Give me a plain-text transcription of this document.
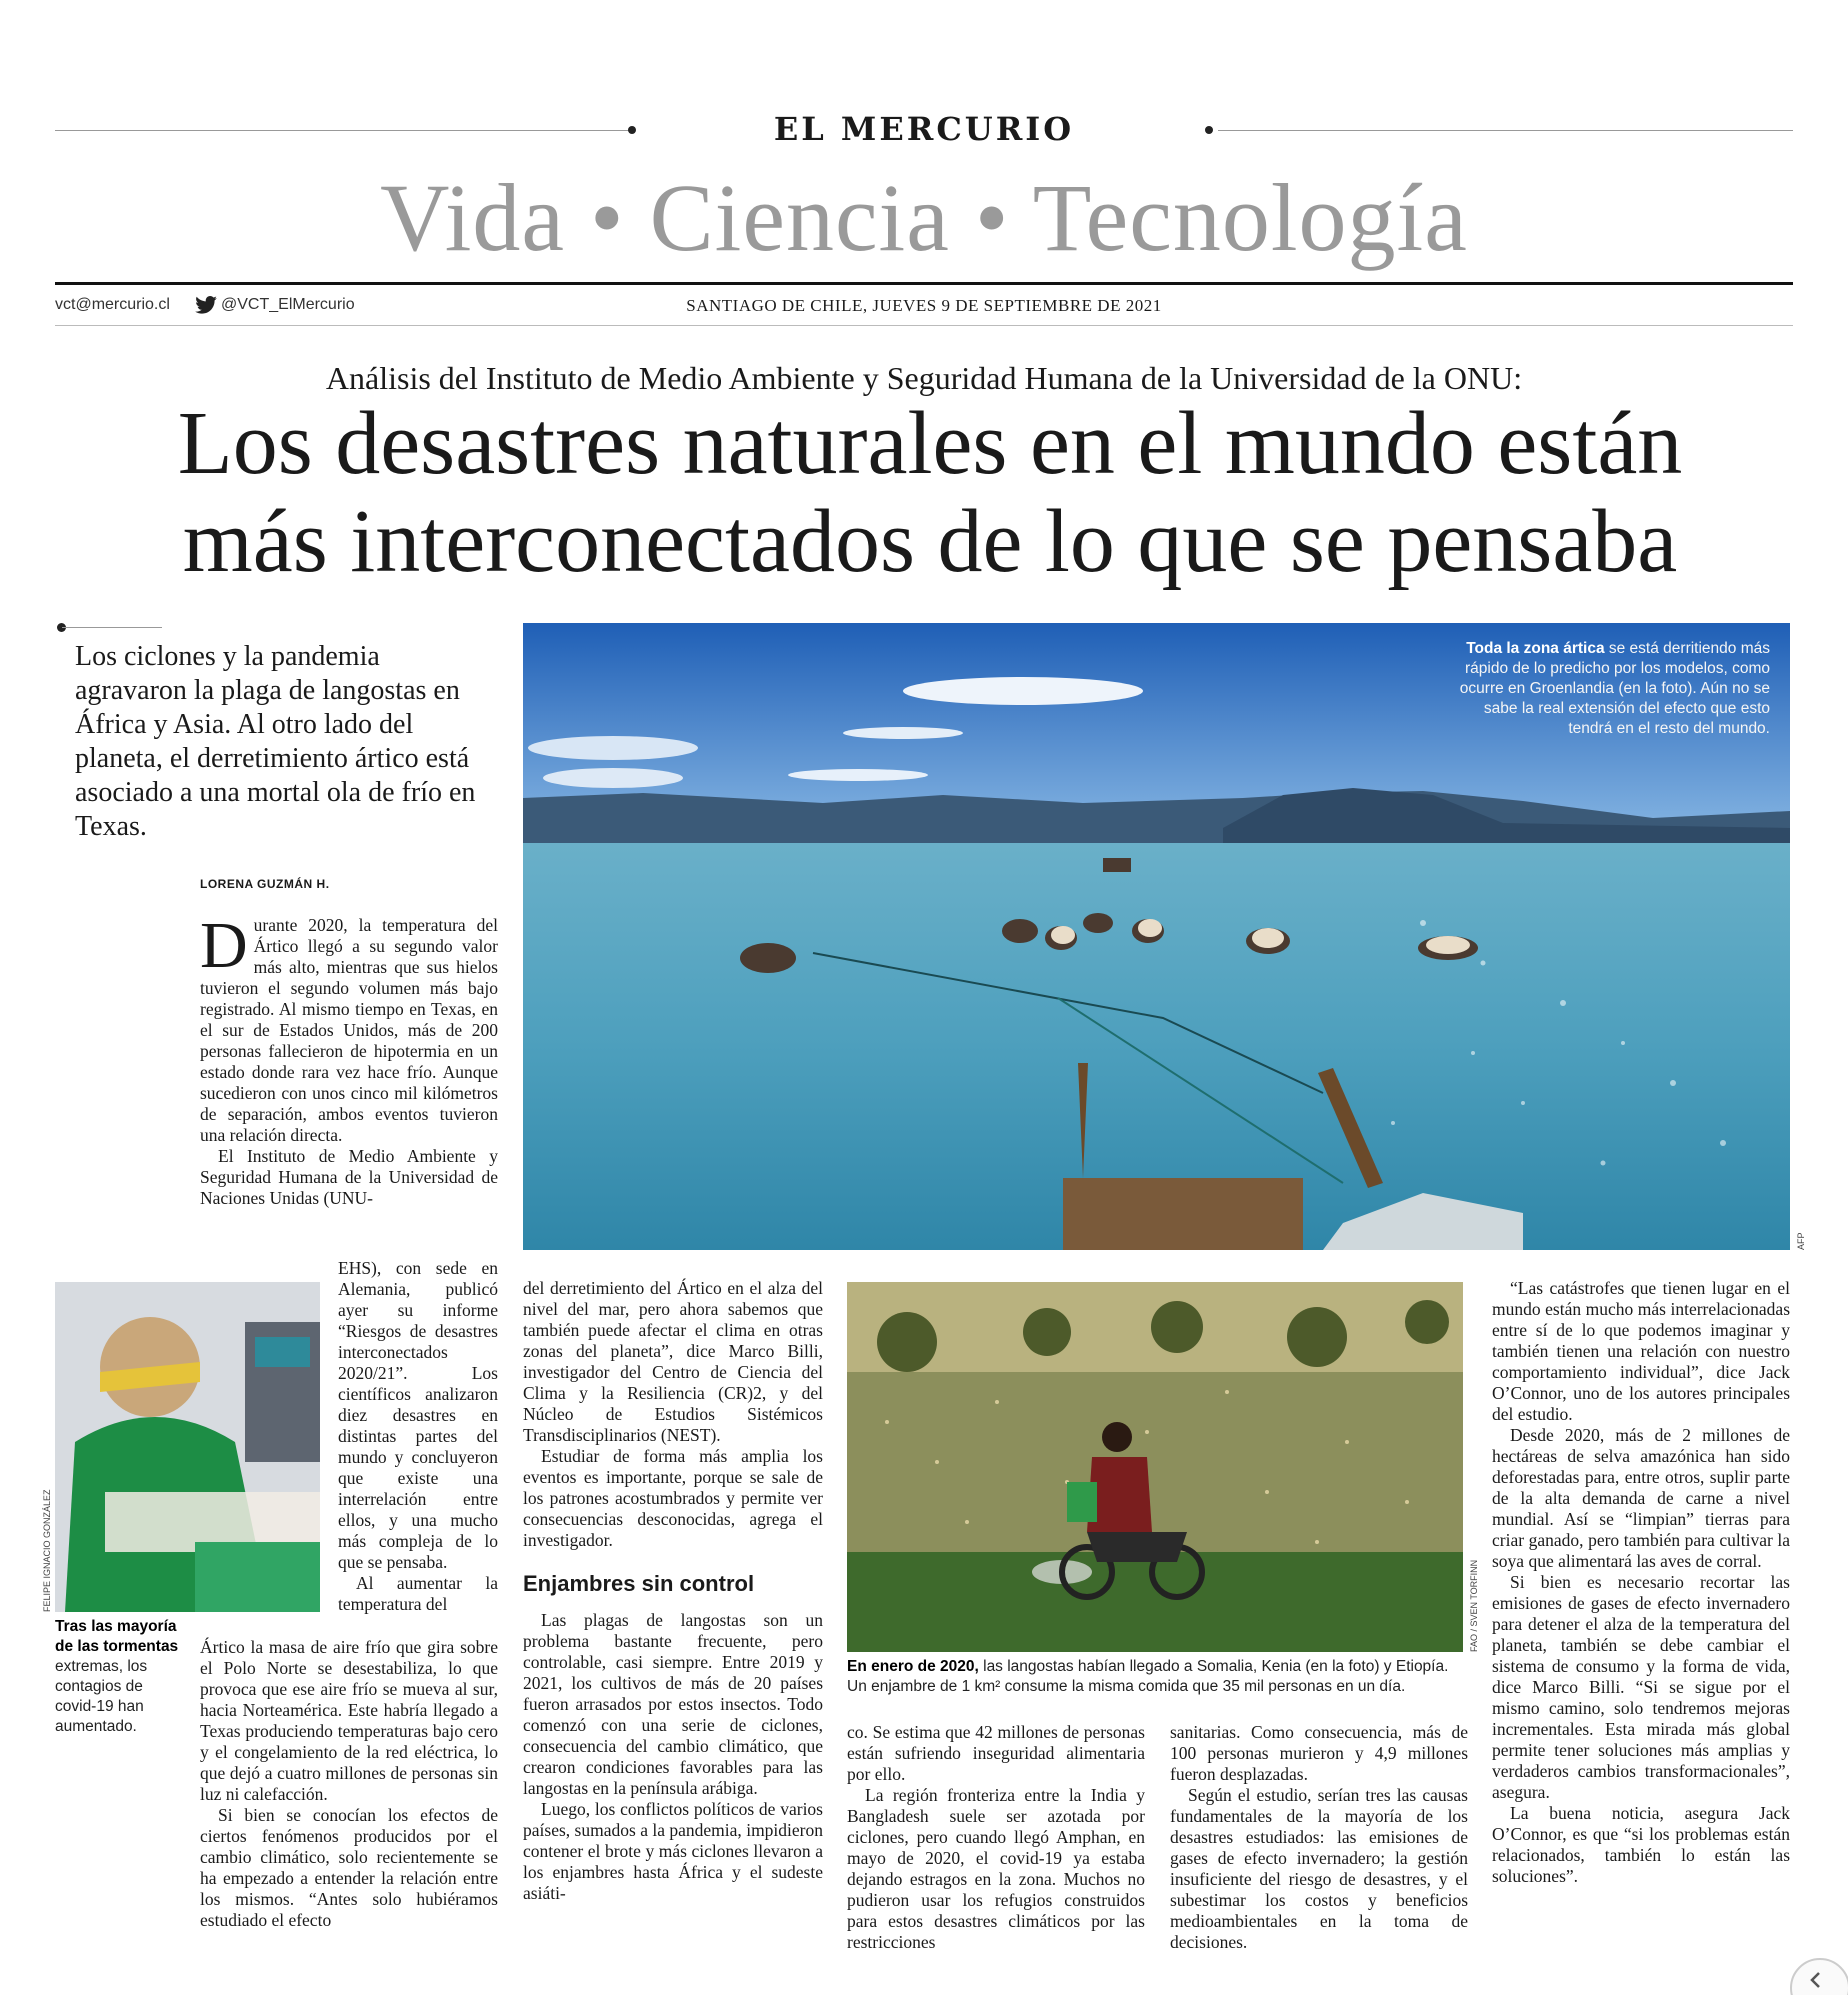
EL MERCURIO
Vida • Ciencia • Tecnología
vct@mercurio.cl	@VCT_ElMercurio	SANTIAGO DE CHILE, JUEVES 9 DE SEPTIEMBRE DE 2021
Análisis del Instituto de Medio Ambiente y Seguridad Humana de la Universidad de la ONU:
Los desastres naturales en el mundo están
más interconectados de lo que se pensaba
Los ciclones y la pandemia agravaron la plaga de langostas en África y Asia. Al otro lado del planeta, el derretimiento ártico está asociado a una mortal ola de frío en Texas.
LORENA GUZMÁN H.
Toda la zona ártica se está derritiendo más rápido de lo predicho por los modelos, como ocurre en Groenlandia (en la foto). Aún no se sabe la real extensión del efecto que esto tendrá en el resto del mundo.
AFP
FELIPE IGNACIO GONZÁLEZ
Tras las mayoría de las tormentas extremas, los contagios de covid-19 han aumentado.
FAO / SVEN TORFINN
En enero de 2020, las langostas habían llegado a Somalia, Kenia (en la foto) y Etiopía. Un enjambre de 1 km² consume la misma comida que 35 mil personas en un día.

Durante 2020, la temperatura del Ártico llegó a su segundo valor más alto, mientras que sus hielos tuvieron el segundo volumen más bajo registrado. Al mismo tiempo en Texas, en el sur de Estados Unidos, más de 200 personas fallecieron de hipotermia en un estado donde rara vez hace frío. Aunque sucedieron con unos cinco mil kilómetros de separación, ambos eventos tuvieron una relación directa.

El Instituto de Medio Ambiente y Seguridad Humana de la Universidad de Naciones Unidas (UNU-

EHS), con sede en Alemania, publicó ayer su informe “Riesgos de desastres interconectados 2020/21”. Los científicos analizaron diez desastres en distintas partes del mundo y concluyeron que existe una interrelación entre ellos, y una mucho más compleja de lo que se pensaba.

Al aumentar la temperatura del

Ártico la masa de aire frío que gira sobre el Polo Norte se desestabiliza, lo que provoca que ese aire frío se mueva al sur, hacia Norteamérica. Este habría llegado a Texas produciendo temperaturas bajo cero y el congelamiento de la red eléctrica, lo que dejó a cuatro millones de personas sin luz ni calefacción.

Si bien se conocían los efectos de ciertos fenómenos producidos por el cambio climático, solo recientemente se ha empezado a entender la relación entre los mismos. “Antes solo hubiéramos estudiado el efecto

del derretimiento del Ártico en el alza del nivel del mar, pero ahora sabemos que también puede afectar el clima en otras zonas del planeta”, dice Marco Billi, investigador del Centro de Ciencia del Clima y la Resiliencia (CR)2, y del Núcleo de Estudios Sistémicos Transdisciplinarios (NEST).

Estudiar de forma más amplia los eventos es importante, porque se sale de los patrones acostumbrados y permite ver consecuencias desconocidas, agrega el investigador.

Enjambres sin control

Las plagas de langostas son un problema bastante frecuente, pero controlable, casi siempre. Entre 2019 y 2021, los cultivos de más de 20 países fueron arrasados por estos insectos. Todo comenzó con una serie de ciclones, consecuencia del cambio climático, que crearon condiciones favorables para las langostas en la península arábiga.

Luego, los conflictos políticos de varios países, sumados a la pandemia, impidieron contener el brote y más ciclones llevaron a los enjambres hasta África y el sudeste asiáti-

co. Se estima que 42 millones de personas están sufriendo inseguridad alimentaria por ello.

La región fronteriza entre la India y Bangladesh suele ser azotada por ciclones, pero cuando llegó Amphan, en mayo de 2020, el covid-19 ya estaba dejando estragos en la zona. Muchos no pudieron usar los refugios construidos para estos desastres climáticos por las restricciones

sanitarias. Como consecuencia, más de 100 personas murieron y 4,9 millones fueron desplazadas.

Según el estudio, serían tres las causas fundamentales de la mayoría de los desastres estudiados: las emisiones de gases de efecto invernadero; la gestión insuficiente del riesgo de desastres, y el subestimar los costos y beneficios medioambientales en la toma de decisiones.

“Las catástrofes que tienen lugar en el mundo están mucho más interrelacionadas entre sí de lo que podemos imaginar y también tienen una relación con nuestro comportamiento individual”, dice Jack O’Connor, uno de los autores principales del estudio.

Desde 2020, más de 2 millones de hectáreas de selva amazónica han sido deforestadas para, entre otros, suplir parte de la alta demanda de carne a nivel mundial. Así se “limpian” tierras para criar ganado, pero también para cultivar la soya que alimentará las aves de corral.

Si bien es necesario recortar las emisiones de gases de efecto invernadero para detener el alza de la temperatura del planeta, también se debe cambiar el sistema de consumo y la forma de vida, dice Marco Billi. “Si se sigue por el mismo camino, solo tendremos mejoras incrementales. Esta mirada más global permite tener soluciones más amplias y verdaderos cambios transformacionales”, asegura.

La buena noticia, asegura Jack O’Connor, es que “si los problemas están relacionados, también lo están las soluciones”.
